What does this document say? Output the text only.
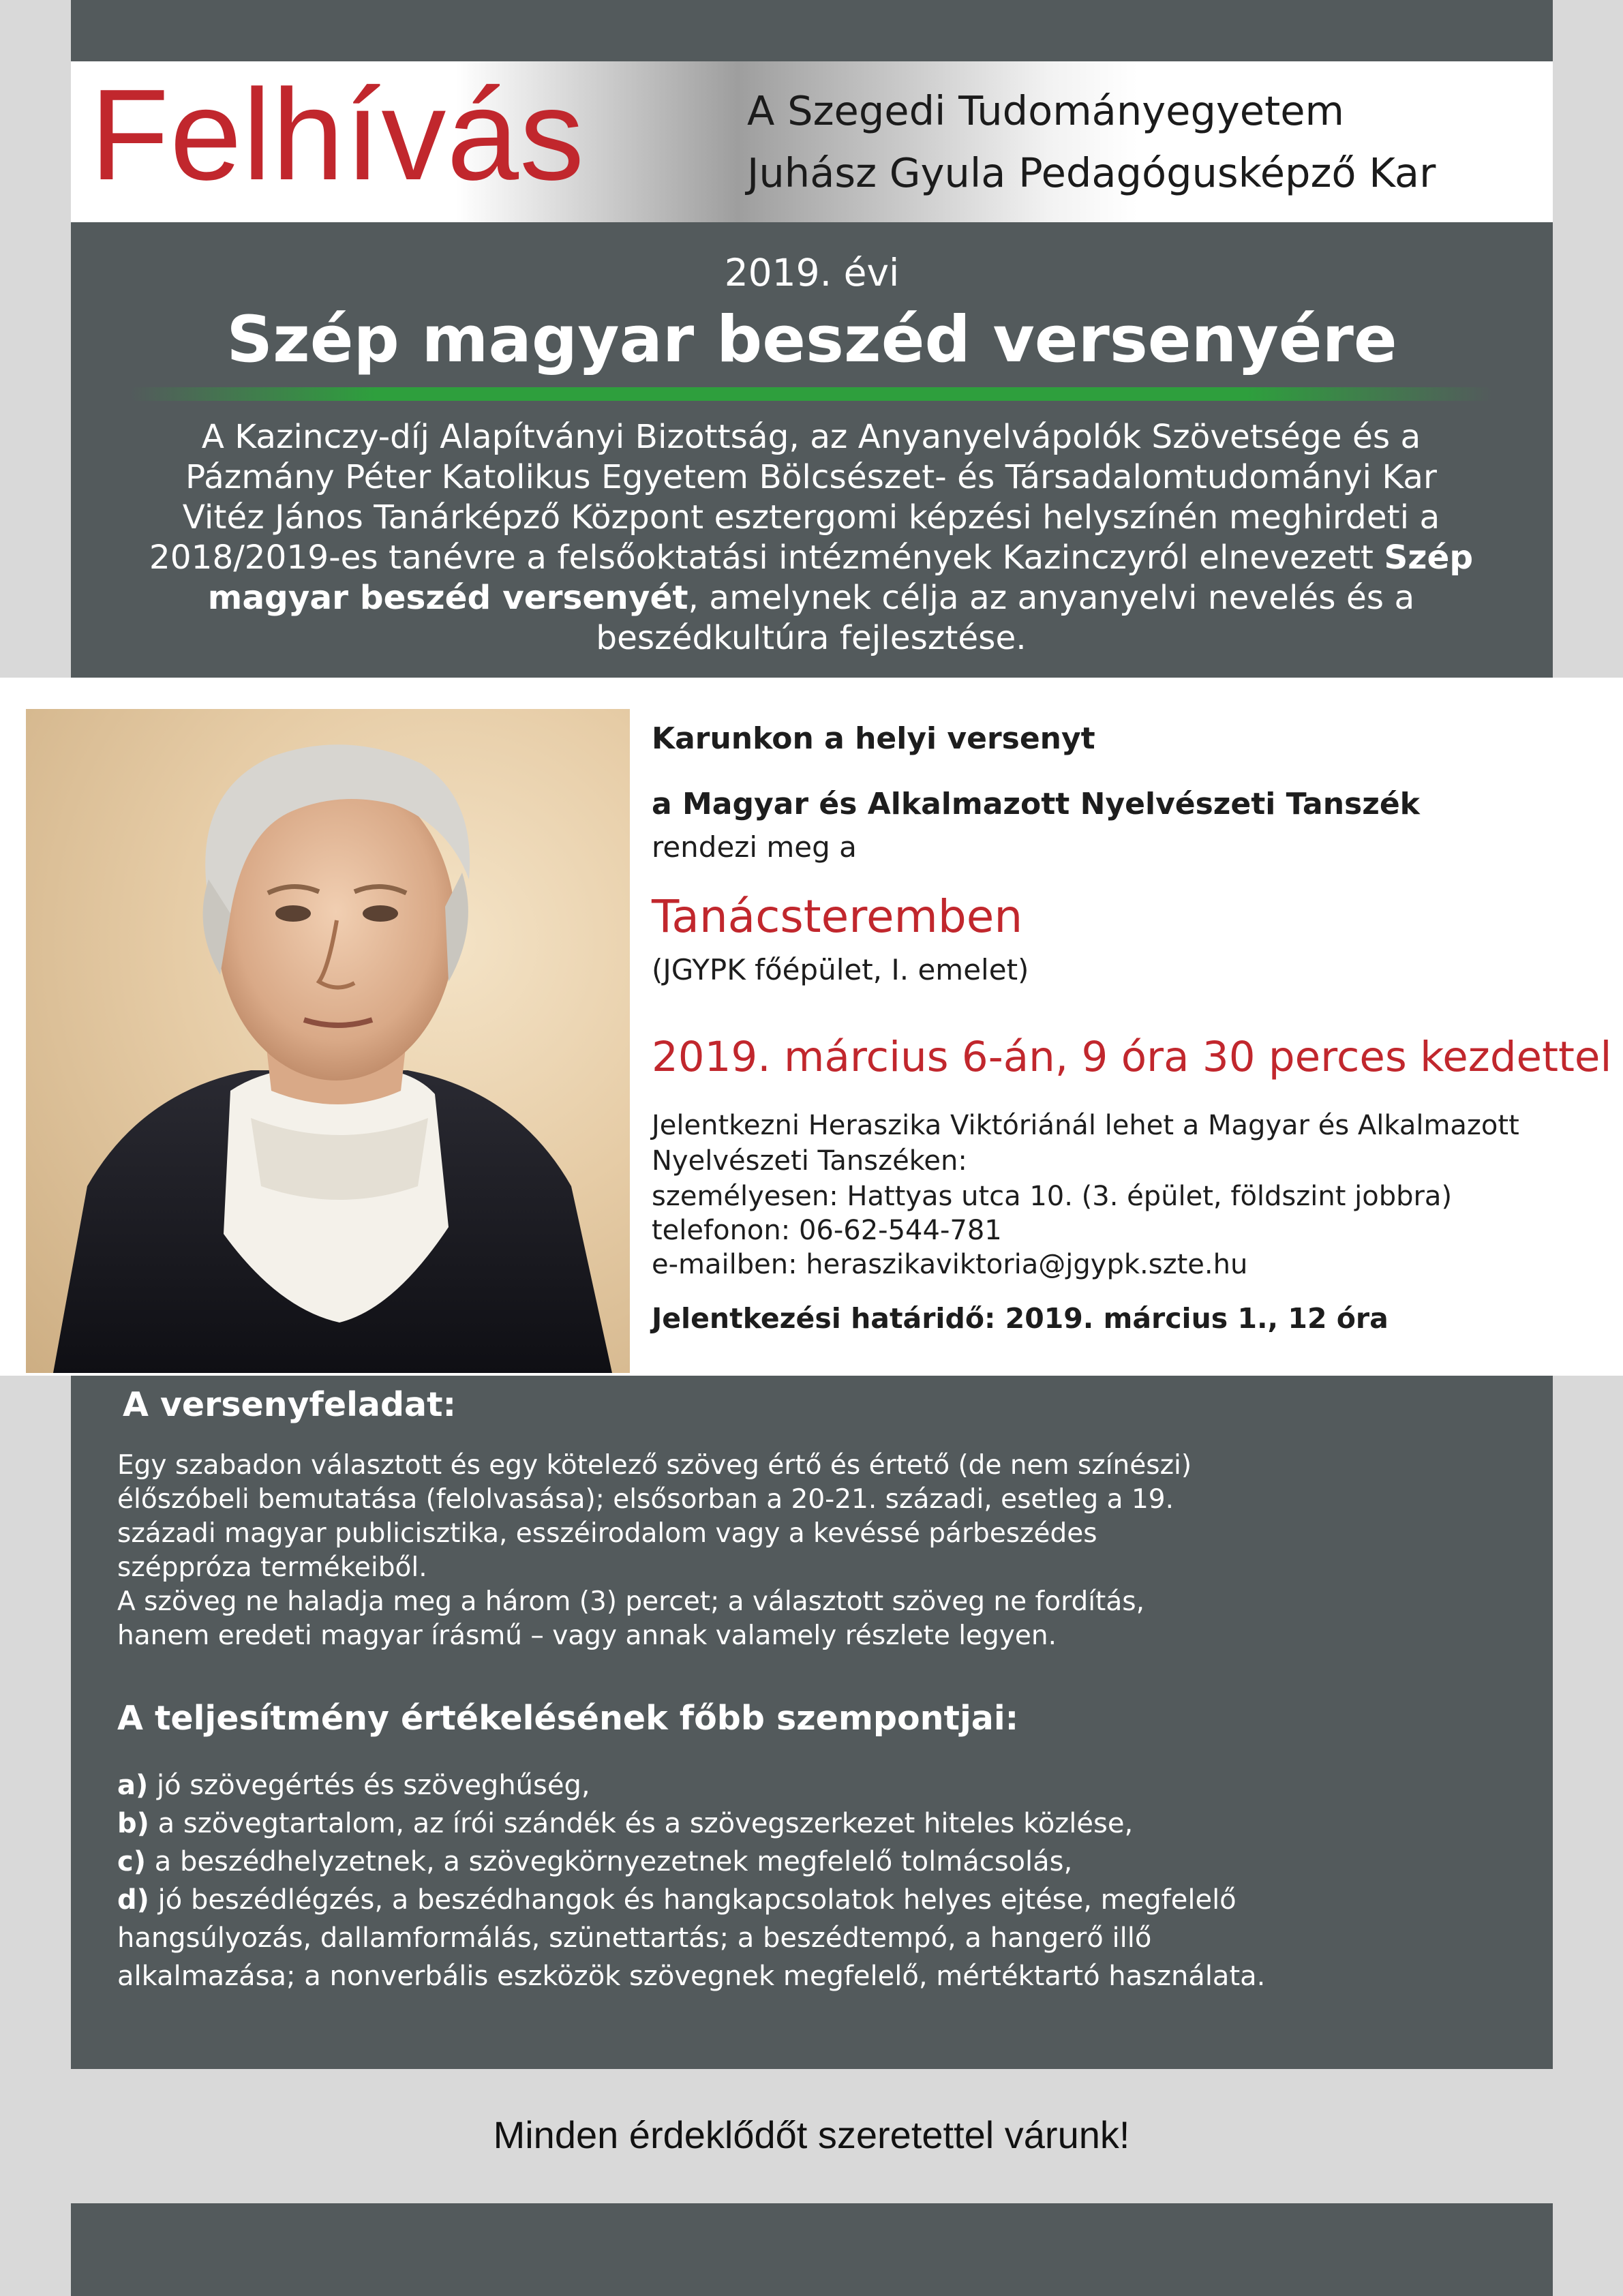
Felhívás	A Szegedi Tudományegyetem
Juhász Gyula Pedagógusképző Kar
2019. évi
Szép magyar beszéd versenyére
A Kazinczy-díj Alapítványi Bizottság, az Anyanyelvápolók Szövetsége és a
Pázmány Péter Katolikus Egyetem Bölcsészet- és Társadalomtudományi Kar
Vitéz János Tanárképző Központ esztergomi képzési helyszínén meghirdeti a
2018/2019-es tanévre a felsőoktatási intézmények Kazinczyról elnevezett Szép
magyar beszéd versenyét, amelynek célja az anyanyelvi nevelés és a
beszédkultúra fejlesztése.
Karunkon a helyi versenyt
a Magyar és Alkalmazott Nyelvészeti Tanszék
rendezi meg a
Tanácsteremben
(JGYPK főépület, I. emelet)
2019. március 6-án, 9 óra 30 perces kezdettel
Jelentkezni Heraszika Viktóriánál lehet a Magyar és Alkalmazott
Nyelvészeti Tanszéken:
személyesen: Hattyas utca 10. (3. épület, földszint jobbra)
telefonon: 06-62-544-781
e-mailben: heraszikaviktoria@jgypk.szte.hu
Jelentkezési határidő: 2019. március 1., 12 óra
A versenyfeladat:
Egy szabadon választott és egy kötelező szöveg értő és értető (de nem színészi)
élőszóbeli bemutatása (felolvasása); elsősorban a 20-21. századi, esetleg a 19.
századi magyar publicisztika, esszéirodalom vagy a kevéssé párbeszédes
széppróza termékeiből.
A szöveg ne haladja meg a három (3) percet; a választott szöveg ne fordítás,
hanem eredeti magyar írásmű – vagy annak valamely részlete legyen.
A teljesítmény értékelésének főbb szempontjai:

a) jó szövegértés és szöveghűség,

b) a szövegtartalom, az írói szándék és a szövegszerkezet hiteles közlése,

c) a beszédhelyzetnek, a szövegkörnyezetnek megfelelő tolmácsolás,

d) jó beszédlégzés, a beszédhangok és hangkapcsolatok helyes ejtése, megfelelő

hangsúlyozás, dallamformálás, szünettartás; a beszédtempó, a hangerő illő

alkalmazása; a nonverbális eszközök szövegnek megfelelő, mértéktartó használata.

Minden érdeklődőt szeretettel várunk!
